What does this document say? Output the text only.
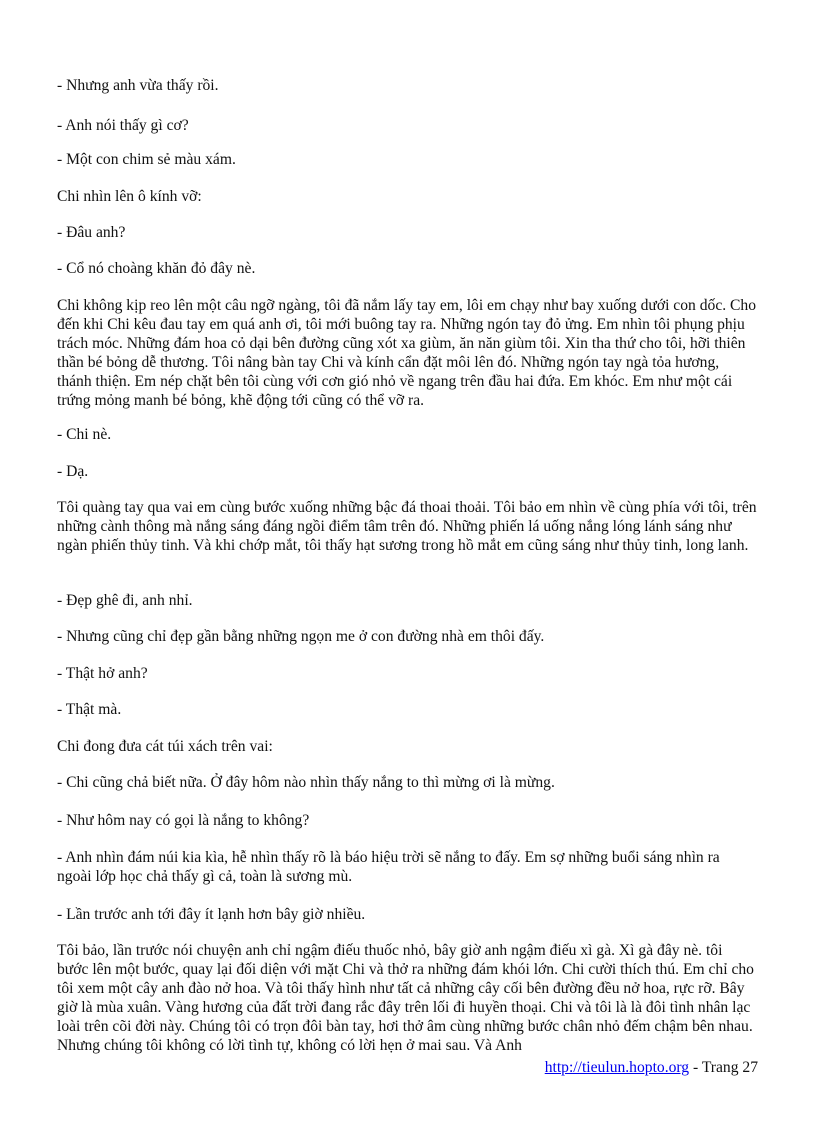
- Nhưng anh vừa thấy rồi.

- Anh nói thấy gì cơ?

- Một con chim sẻ màu xám.

Chi nhìn lên ô kính vỡ:

- Đâu anh?

- Cổ nó choàng khăn đỏ đây nè.

Chi không kịp reo lên một câu ngỡ ngàng, tôi đã nắm lấy tay em, lôi em chạy như bay xuống dưới con dốc. Cho đến khi Chi kêu đau tay em quá anh ơi, tôi mới buông tay ra. Những ngón tay đỏ ửng. Em nhìn tôi phụng phịu trách móc. Những đám hoa cỏ dại bên đường cũng xót xa giùm, ăn năn giùm tôi. Xin tha thứ cho tôi, hỡi thiên thần bé bỏng dễ thương. Tôi nâng bàn tay Chi và kính cẩn đặt môi lên đó. Những ngón tay ngà tỏa hương, thánh thiện. Em nép chặt bên tôi cùng với cơn gió nhỏ về ngang trên đầu hai đứa. Em khóc. Em như một cái trứng mỏng manh bé bỏng, khẽ động tới cũng có thể vỡ ra.

- Chi nè.

- Dạ.

Tôi quàng tay qua vai em cùng bước xuống những bậc đá thoai thoải. Tôi bảo em nhìn về cùng phía với tôi, trên những cành thông mà nắng sáng đáng ngồi điểm tâm trên đó. Những phiến lá uống nắng lóng lánh sáng như ngàn phiến thủy tinh. Và khi chớp mắt, tôi thấy hạt sương trong hồ mắt em cũng sáng như thủy tinh, long lanh.

- Đẹp ghê đi, anh nhỉ.

- Nhưng cũng chỉ đẹp gần bằng những ngọn me ở con đường nhà em thôi đấy.

- Thật hở anh?

- Thật mà.

Chi đong đưa cát túi xách trên vai:

- Chi cũng chả biết nữa. Ở đây hôm nào nhìn thấy nắng to thì mừng ơi là mừng.

- Như hôm nay có gọi là nắng to không?

- Anh nhìn đám núi kia kìa, hễ nhìn thấy rõ là báo hiệu trời sẽ nắng to đấy. Em sợ những buổi sáng nhìn ra ngoài lớp học chả thấy gì cả, toàn là sương mù.

- Lần trước anh tới đây ít lạnh hơn bây giờ nhiều.

Tôi bảo, lần trước nói chuyện anh chỉ ngậm điếu thuốc nhỏ, bây giờ anh ngậm điếu xì gà. Xì gà đây nè. tôi bước lên một bước, quay lại đối diện với mặt Chi và thở ra những đám khói lớn. Chi cười thích thú. Em chỉ cho tôi xem một cây anh đào nở hoa. Và tôi thấy hình như tất cả những cây cối bên đường đều nở hoa, rực rỡ. Bây giờ là mùa xuân. Vàng hương của đất trời đang rắc đây trên lối đi huyền thoại. Chi và tôi là là đôi tình nhân lạc loài trên cõi đời này. Chúng tôi có trọn đôi bàn tay, hơi thở âm cùng những bước chân nhỏ đếm chậm bên nhau. Nhưng chúng tôi không có lời tình tự, không có lời hẹn ở mai sau. Và Anh

http://tieulun.hopto.org - Trang 27
